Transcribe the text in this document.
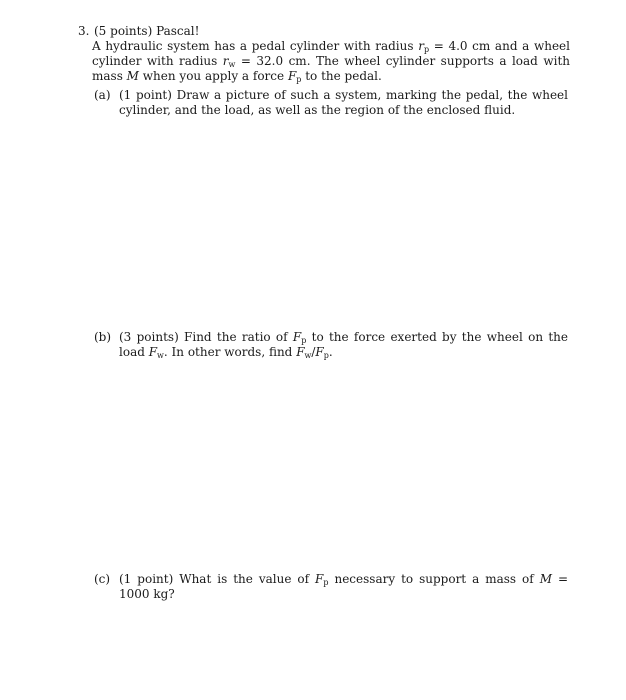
3. (5 points) Pascal!
A hydraulic system has a pedal cylinder with radius $r_p = 4.0$ cm and a wheel cylinder with radius $r_w = 32.0$ cm. The wheel cylinder supports a load with mass M when you apply a force $F_p$ to the pedal.
(a) (1 point) Draw a picture of such a system, marking the pedal, the wheel cylinder, and the load, as well as the region of the enclosed fluid.
(b) (3 points) Find the ratio of $F_p$ to the force exerted by the wheel on the load $F_w$. In other words, find $F_w/F_p$.
(c) (1 point) What is the value of $F_p$ necessary to support a mass of M = 1000 kg?
